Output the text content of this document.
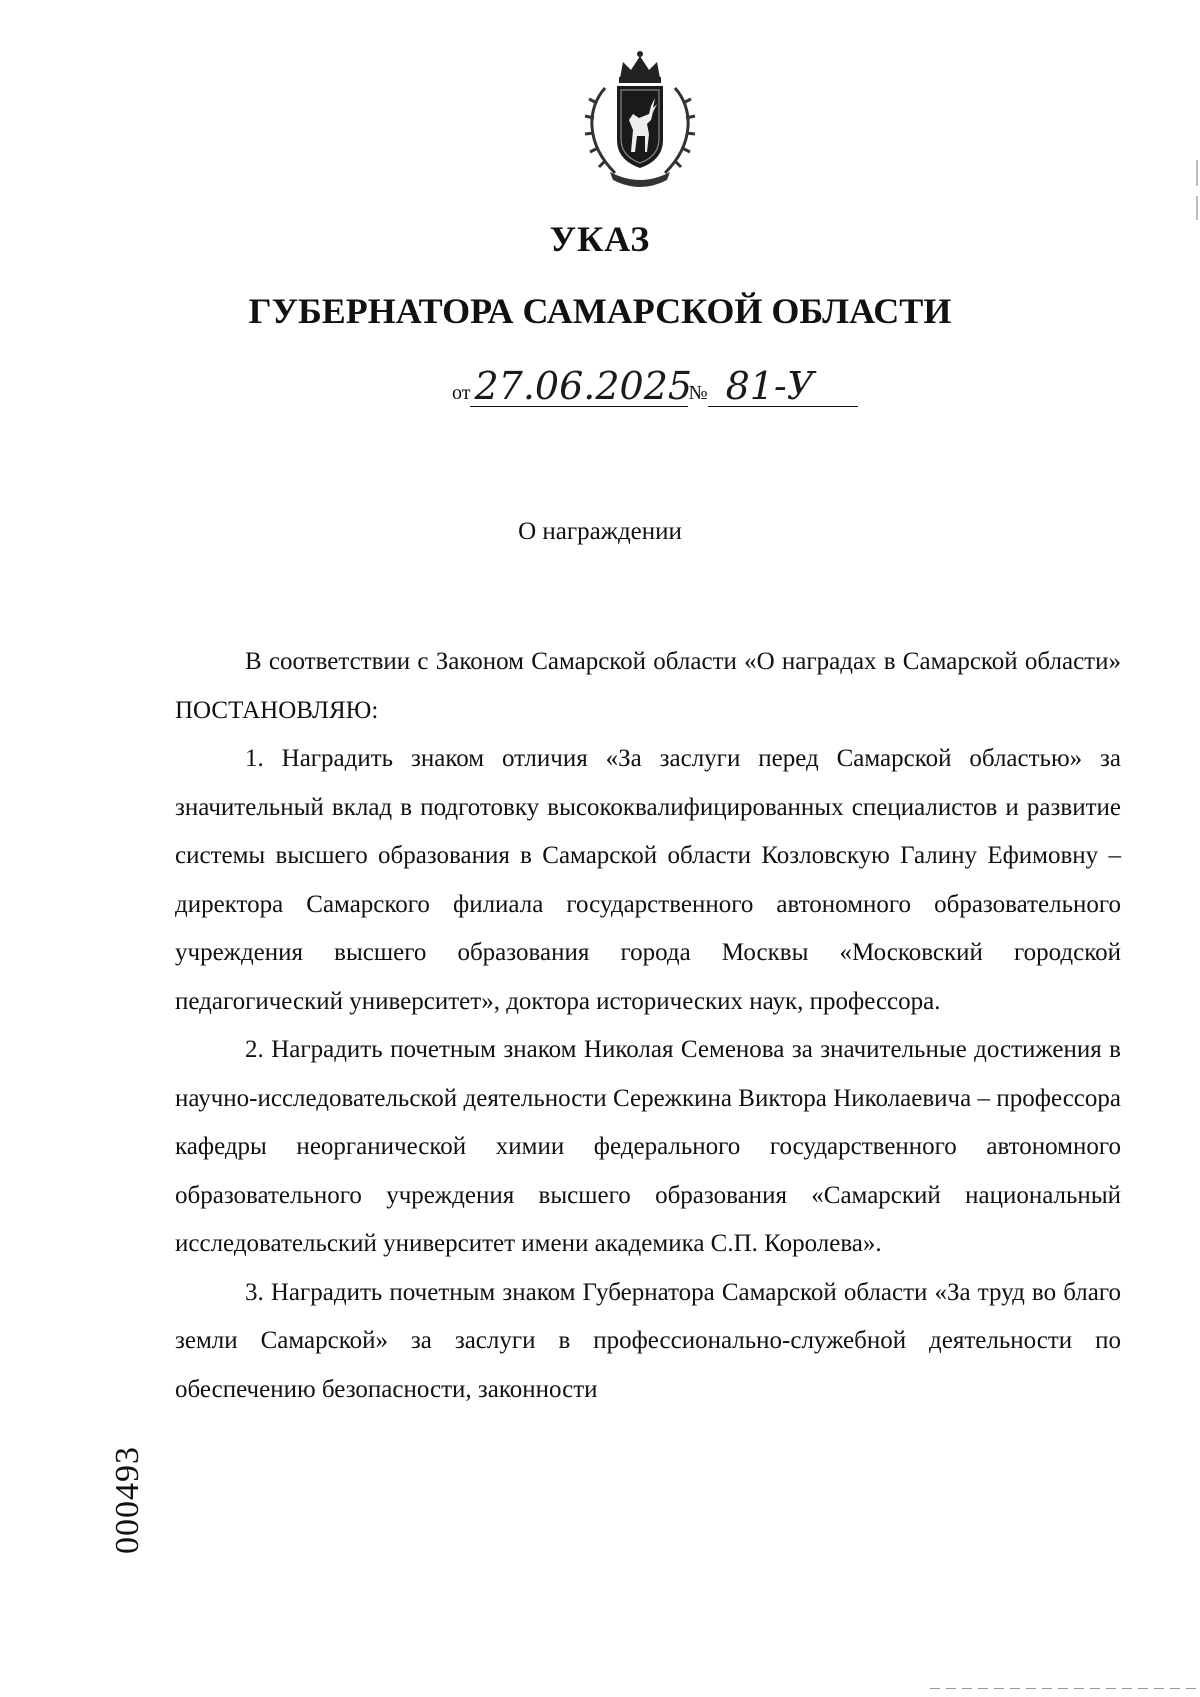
УКАЗ
ГУБЕРНАТОРА САМАРСКОЙ ОБЛАСТИ
от 27.06.2025№ 81-У
О награждении

В соответствии с Законом Самарской области «О наградах в Самарской области» ПОСТАНОВЛЯЮ:

1. Наградить знаком отличия «За заслуги перед Самарской областью» за значительный вклад в подготовку высококвалифицированных специалистов и развитие системы высшего образования в Самарской области Козловскую Галину Ефимовну – директора Самарского филиала государственного автономного образовательного учреждения высшего образования города Москвы «Московский городской педагогический университет», доктора исторических наук, профессора.

2. Наградить почетным знаком Николая Семенова за значительные достижения в научно-исследовательской деятельности Сережкина Виктора Николаевича – профессора кафедры неорганической химии федерального государственного автономного образовательного учреждения высшего образования «Самарский национальный исследовательский университет имени академика С.П. Королева».

3. Наградить почетным знаком Губернатора Самарской области «За труд во благо земли Самарской» за заслуги в профессионально-служебной деятельности по обеспечению безопасности, законности

000493
